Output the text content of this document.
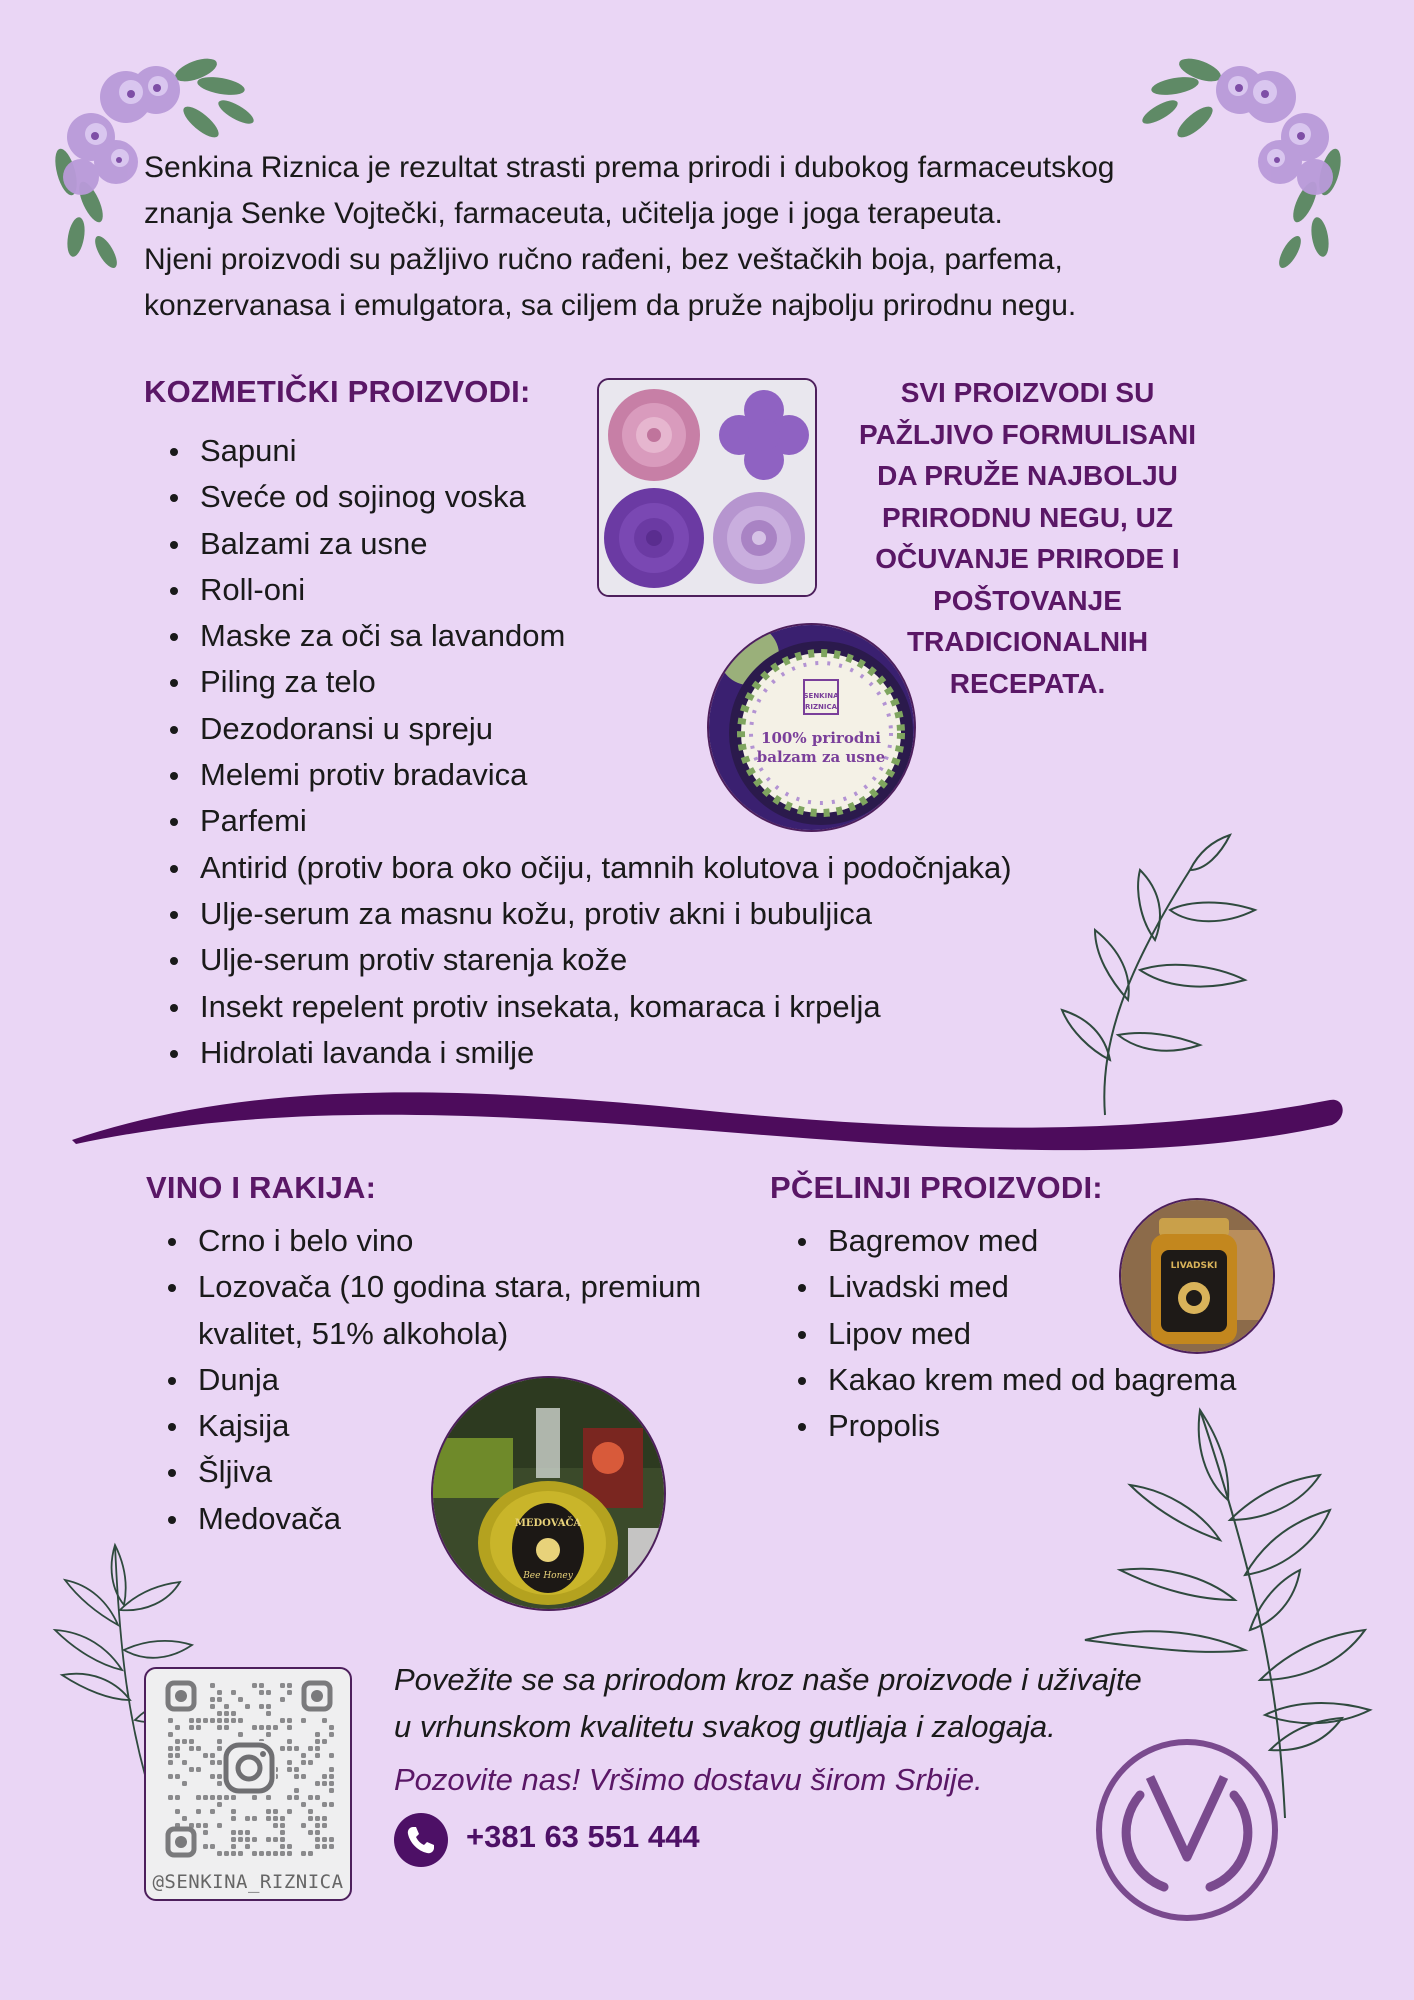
Senkina Riznica je rezultat strasti prema prirodi i dubokog farmaceutskog

znanja Senke Vojtečki, farmaceuta, učitelja joge i joga terapeuta.

Njeni proizvodi su pažljivo ručno rađeni, bez veštačkih boja, parfema,

konzervanasa i emulgatora, sa ciljem da pruže najbolju prirodnu negu.

KOZMETIČKI PROIZVODI:
Sapuni
Sveće od sojinog voska
Balzami za usne
Roll-oni
Maske za oči sa lavandom
Piling za telo
Dezodoransi u spreju
Melemi protiv bradavica
Parfemi
Antirid (protiv bora oko očiju, tamnih kolutova i podočnjaka)
Ulje-serum za masnu kožu, protiv akni i bubuljica
Ulje-serum protiv starenja kože
Insekt repelent protiv insekata, komaraca i krpelja
Hidrolati lavanda i smilje
SVI PROIZVODI SU
PAŽLJIVO FORMULISANI
DA PRUŽE NAJBOLJU
PRIRODNU NEGU, UZ
OČUVANJE PRIRODE I
POŠTOVANJE
TRADICIONALNIH
RECEPATA.
SENKINA
RIZNICA
100% prirodni
balzam za usne
VINO I RAKIJA:
Crno i belo vino
Lozovača (10 godina stara, premium kvalitet, 51% alkohola)
Dunja
Kajsija
Šljiva
Medovača	MEDOVAČA
Bee Honey
PČELINJI PROIZVODI:
Bagremov med
Livadski med
Lipov med
Kakao krem med od bagrema
Propolis
LIVADSKI
@SENKINA_RIZNICA
Povežite se sa prirodom kroz naše proizvode i uživajte
u vrhunskom kvalitetu svakog gutljaja i zalogaja.
Pozovite nas! Vršimo dostavu širom Srbije.
+381 63 551 444
